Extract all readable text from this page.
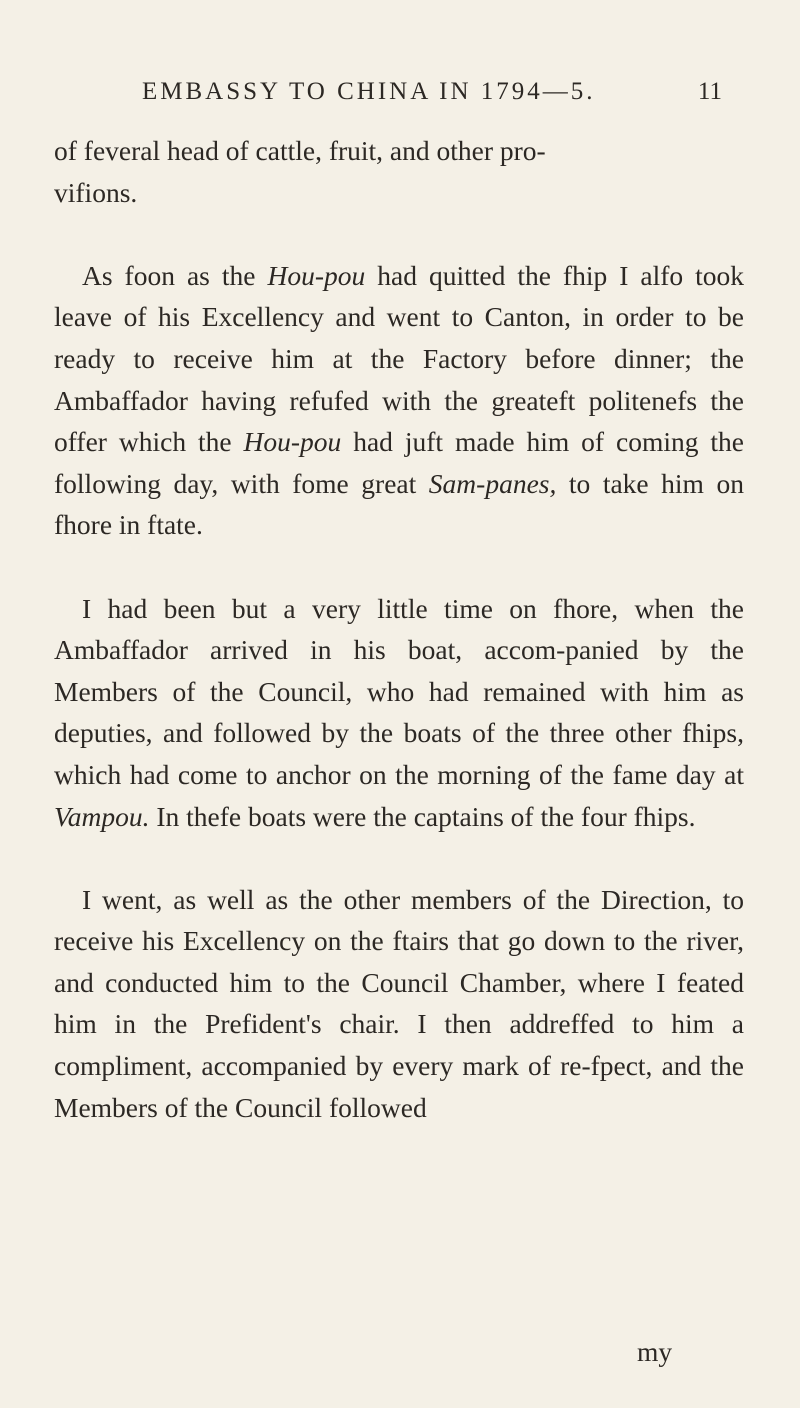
EMBASSY TO CHINA IN 1794—5.	11

of feveral head of cattle, fruit, and other pro-
vifions.

As foon as the Hou-pou had quitted the fhip I alfo took leave of his Excellency and went to Canton, in order to be ready to receive him at the Factory before dinner; the Ambaffador having refufed with the greateft politenefs the offer which the Hou-pou had juft made him of coming the following day, with fome great Sam-panes, to take him on fhore in ftate.

I had been but a very little time on fhore, when the Ambaffador arrived in his boat, accom-panied by the Members of the Council, who had remained with him as deputies, and followed by the boats of the three other fhips, which had come to anchor on the morning of the fame day at Vampou. In thefe boats were the captains of the four fhips.

I went, as well as the other members of the Direction, to receive his Excellency on the ftairs that go down to the river, and conducted him to the Council Chamber, where I feated him in the Prefident's chair. I then addreffed to him a compliment, accompanied by every mark of re-fpect, and the Members of the Council followed

my
